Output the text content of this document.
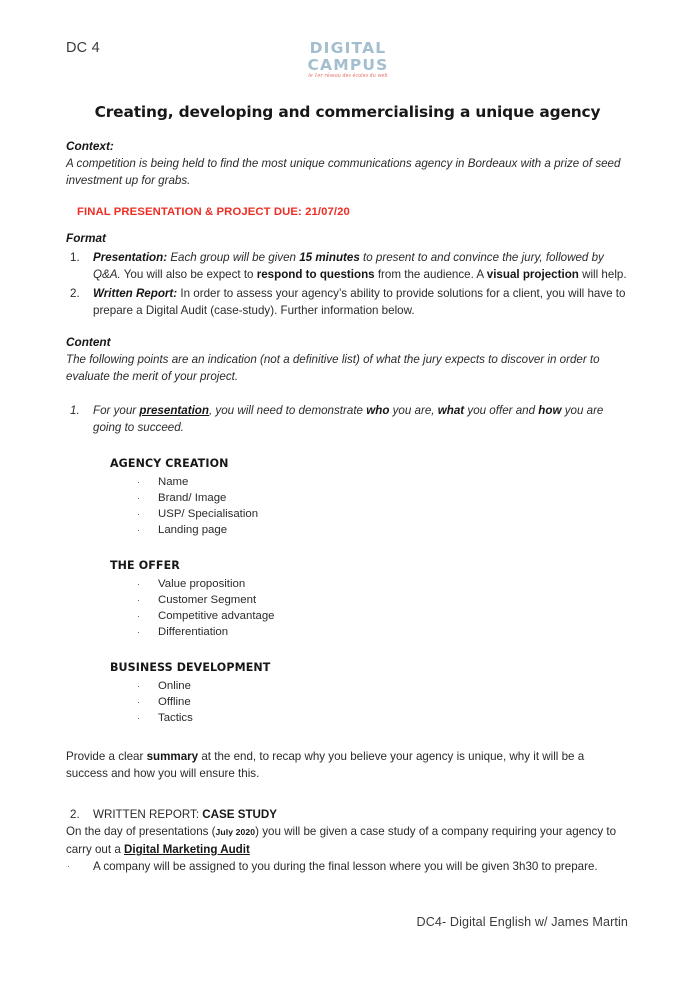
DC 4	DIGITAL
CAMPUS
le 1er réseau des écoles du web
Creating, developing and commercialising a unique agency

Context:

A competition is being held to find the most unique communications agency in Bordeaux with a prize of seed investment up for grabs.

FINAL PRESENTATION & PROJECT DUE: 21/07/20

Format

1.	Presentation: Each group will be given 15 minutes to present to and convince the jury, followed by Q&A. You will also be expect to respond to questions from the audience. A visual projection will help.
2.	Written Report: In order to assess your agency’s ability to provide solutions for a client, you will have to prepare a Digital Audit (case-study). Further information below.

Content

The following points are an indication (not a definitive list) of what the jury expects to discover in order to evaluate the merit of your project.

1.	For your presentation, you will need to demonstrate who you are, what you offer and how you are going to succeed.
AGENCY CREATION
· Name
· Brand/ Image
· USP/ Specialisation
· Landing page
THE OFFER
· Value proposition
· Customer Segment
· Competitive advantage
· Differentiation
BUSINESS DEVELOPMENT
· Online
· Offline
· Tactics

Provide a clear summary at the end, to recap why you believe your agency is unique, why it will be a success and how you will ensure this.

2.	WRITTEN REPORT: CASE STUDY

On the day of presentations (July 2020) you will be given a case study of a company requiring your agency to carry out a Digital Marketing Audit

· A company will be assigned to you during the final lesson where you will be given 3h30 to prepare.

DC4- Digital English w/ James Martin
